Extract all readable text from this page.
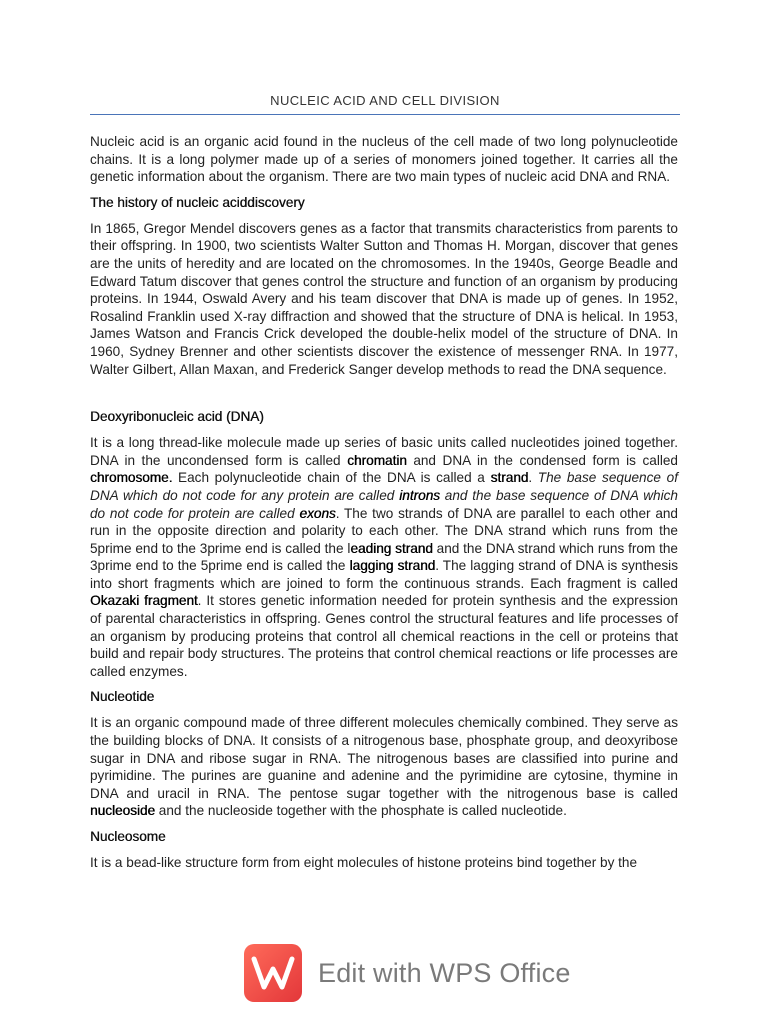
NUCLEIC ACID AND CELL DIVISION

Nucleic acid is an organic acid found in the nucleus of the cell made of two long polynucleotide chains. It is a long polymer made up of a series of monomers joined together. It carries all the genetic information about the organism. There are two main types of nucleic acid DNA and RNA.

The history of nucleic aciddiscovery

In 1865, Gregor Mendel discovers genes as a factor that transmits characteristics from parents to their offspring. In 1900, two scientists Walter Sutton and Thomas H. Morgan, discover that genes are the units of heredity and are located on the chromosomes. In the 1940s, George Beadle and Edward Tatum discover that genes control the structure and function of an organism by producing proteins. In 1944, Oswald Avery and his team discover that DNA is made up of genes. In 1952, Rosalind Franklin used X-ray diffraction and showed that the structure of DNA is helical. In 1953, James Watson and Francis Crick developed the double-helix model of the structure of DNA. In 1960, Sydney Brenner and other scientists discover the existence of messenger RNA. In 1977, Walter Gilbert, Allan Maxan, and Frederick Sanger develop methods to read the DNA sequence.

Deoxyribonucleic acid (DNA)

It is a long thread-like molecule made up series of basic units called nucleotides joined together. DNA in the uncondensed form is called chromatin and DNA in the condensed form is called chromosome. Each polynucleotide chain of the DNA is called a strand. The base sequence of DNA which do not code for any protein are called introns and the base sequence of DNA which do not code for protein are called exons. The two strands of DNA are parallel to each other and run in the opposite direction and polarity to each other. The DNA strand which runs from the 5prime end to the 3prime end is called the leading strand and the DNA strand which runs from the 3prime end to the 5prime end is called the lagging strand. The lagging strand of DNA is synthesis into short fragments which are joined to form the continuous strands. Each fragment is called Okazaki fragment. It stores genetic information needed for protein synthesis and the expression of parental characteristics in offspring. Genes control the structural features and life processes of an organism by producing proteins that control all chemical reactions in the cell or proteins that build and repair body structures. The proteins that control chemical reactions or life processes are called enzymes.

Nucleotide

It is an organic compound made of three different molecules chemically combined. They serve as the building blocks of DNA. It consists of a nitrogenous base, phosphate group, and deoxyribose sugar in DNA and ribose sugar in RNA. The nitrogenous bases are classified into purine and pyrimidine. The purines are guanine and adenine and the pyrimidine are cytosine, thymine in DNA and uracil in RNA. The pentose sugar together with the nitrogenous base is called nucleoside and the nucleoside together with the phosphate is called nucleotide.

Nucleosome

It is a bead-like structure form from eight molecules of histone proteins bind together by the

Edit with WPS Office
